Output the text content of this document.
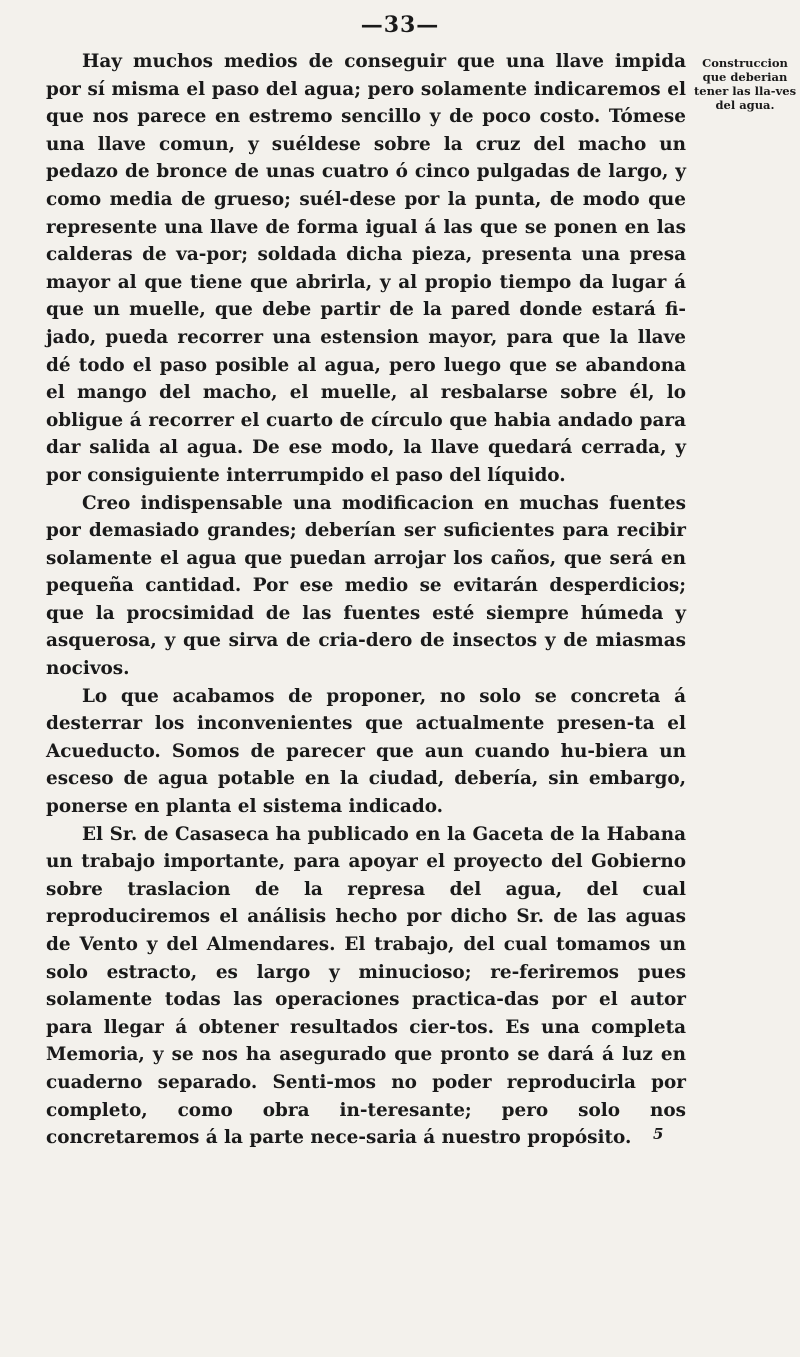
—33—
Construccion que deberian tener las lla-ves del agua.

Hay muchos medios de conseguir que una llave impida por sí misma el paso del agua; pero solamente indicaremos el que nos parece en estremo sencillo y de poco costo. Tómese una llave comun, y suéldese sobre la cruz del macho un pedazo de bronce de unas cuatro ó cinco pulgadas de largo, y como media de grueso; suél-dese por la punta, de modo que represente una llave de forma igual á las que se ponen en las calderas de va-por; soldada dicha pieza, presenta una presa mayor al que tiene que abrirla, y al propio tiempo da lugar á que un muelle, que debe partir de la pared donde estará fi-jado, pueda recorrer una estension mayor, para que la llave dé todo el paso posible al agua, pero luego que se abandona el mango del macho, el muelle, al resbalarse sobre él, lo obligue á recorrer el cuarto de círculo que habia andado para dar salida al agua. De ese modo, la llave quedará cerrada, y por consiguiente interrumpido el paso del líquido.

Creo indispensable una modificacion en muchas fuentes por demasiado grandes; deberían ser suficientes para recibir solamente el agua que puedan arrojar los caños, que será en pequeña cantidad. Por ese medio se evitarán desperdicios; que la procsimidad de las fuentes esté siempre húmeda y asquerosa, y que sirva de cria-dero de insectos y de miasmas nocivos.

Lo que acabamos de proponer, no solo se concreta á desterrar los inconvenientes que actualmente presen-ta el Acueducto. Somos de parecer que aun cuando hu-biera un esceso de agua potable en la ciudad, debería, sin embargo, ponerse en planta el sistema indicado.

El Sr. de Casaseca ha publicado en la Gaceta de la Habana un trabajo importante, para apoyar el proyecto del Gobierno sobre traslacion de la represa del agua, del cual reproduciremos el análisis hecho por dicho Sr. de las aguas de Vento y del Almendares. El trabajo, del cual tomamos un solo estracto, es largo y minucioso; re-feriremos pues solamente todas las operaciones practica-das por el autor para llegar á obtener resultados cier-tos. Es una completa Memoria, y se nos ha asegurado que pronto se dará á luz en cuaderno separado. Senti-mos no poder reproducirla por completo, como obra in-teresante; pero solo nos concretaremos á la parte nece-saria á nuestro propósito.	5
